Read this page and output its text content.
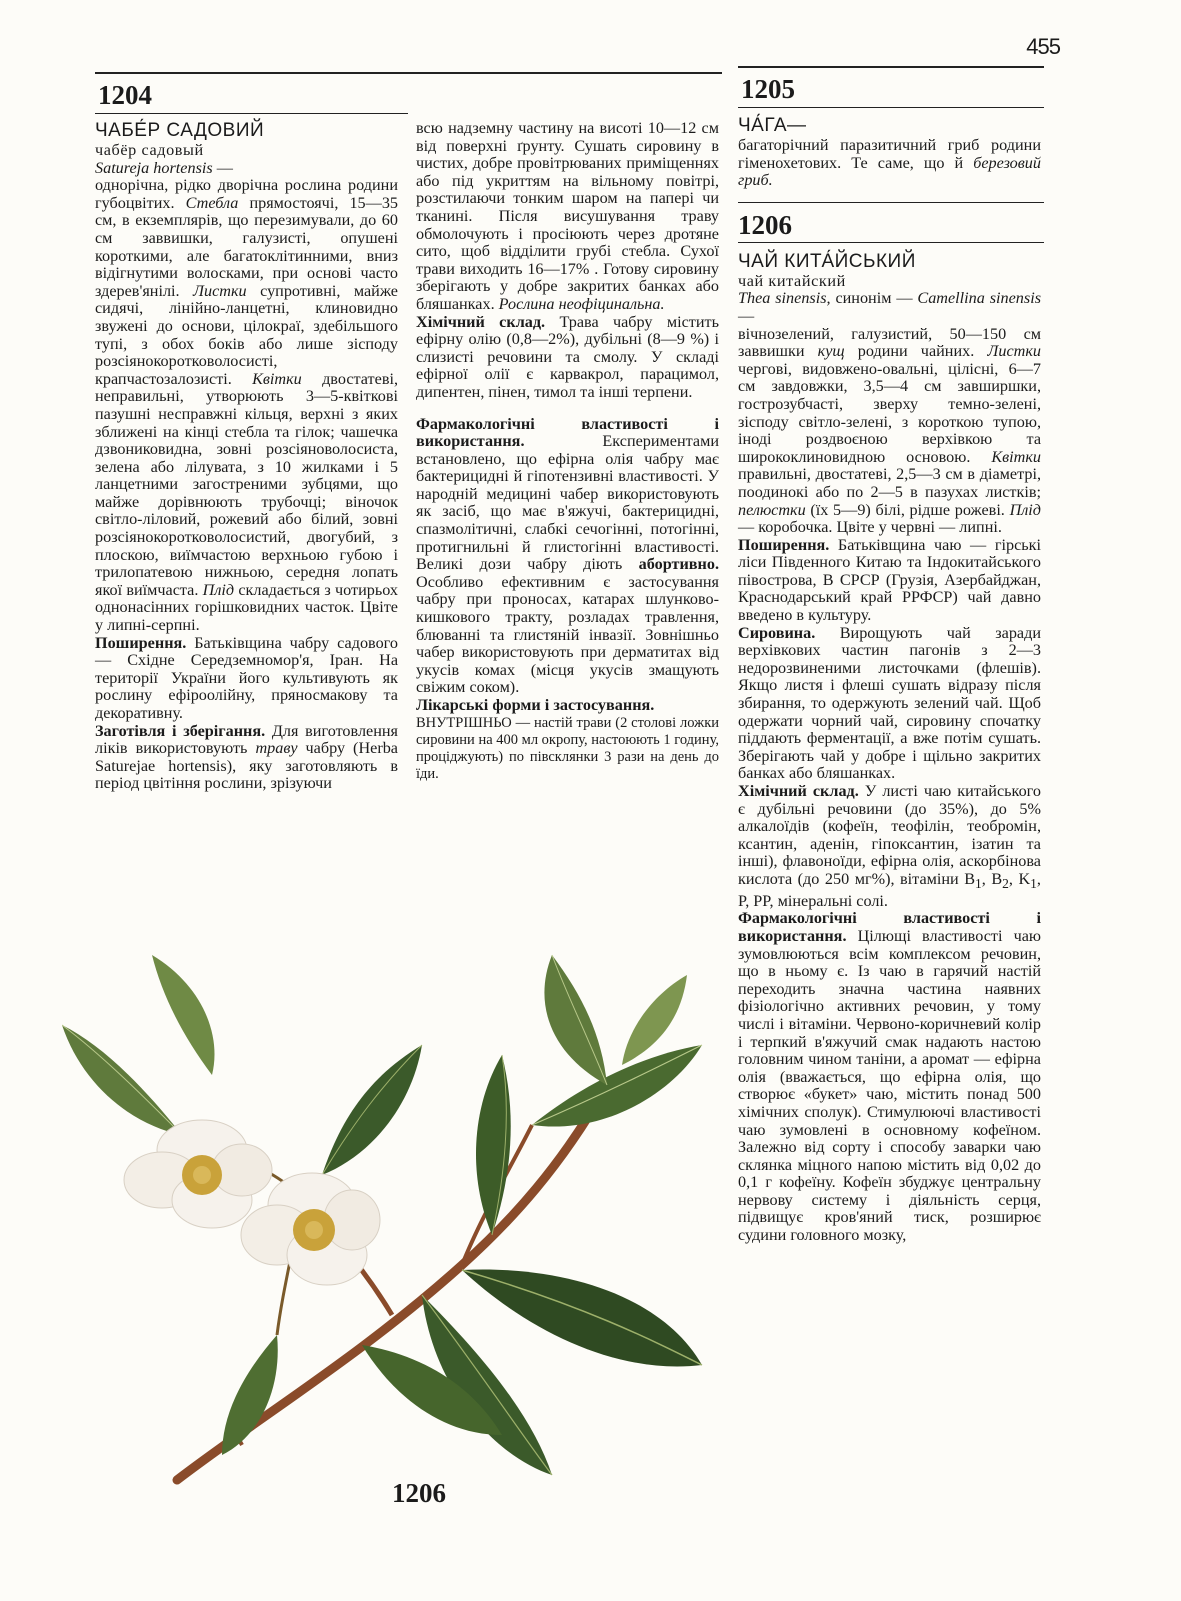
455
1204

ЧАБЕ́Р САДОВИЙ

чабёр садовый

Satureja hortensis —

однорічна, рідко дворічна рослина родини губоцвітих. Стебла прямостоячі, 15—35 см, в екземплярів, що перезимували, до 60 см заввишки, галузисті, опушені короткими, але багатоклітинними, вниз відігнутими волосками, при основі часто здерев'янілі. Листки супротивні, майже сидячі, лінійно-ланцетні, клиновидно звужені до основи, цілокраї, здебільшого тупі, з обох боків або лише зісподу розсіянокоротковолосисті, крапчастозалозисті. Квітки двостатеві, неправильні, утворюють 3—5-квіткові пазушні несправжні кільця, верхні з яких зближені на кінці стебла та гілок; чашечка дзвониковидна, зовні розсіяноволосиста, зелена або лілувата, з 10 жилками і 5 ланцетними загостреними зубцями, що майже дорівнюють трубочці; віночок світло-ліловий, рожевий або білий, зовні розсіянокоротковолосистий, двогубий, з плоскою, виїмчастою верхньою губою і трилопатевою нижньою, середня лопать якої виїмчаста. Плід складається з чотирьох однонасінних горішковидних часток. Цвіте у липні-серпні.

Поширення. Батьківщина чабру садового — Східне Середземномор'я, Іран. На території України його культивують як рослину ефіроолійну, пряносмакову та декоративну.

Заготівля і зберігання. Для виготовлення ліків використовують траву чабру (Herba Saturejae hortensis), яку заготовляють в період цвітіння рослини, зрізуючи

всю надземну частину на висоті 10—12 см від поверхні ґрунту. Сушать сировину в чистих, добре провітрюваних приміщеннях або під укриттям на вільному повітрі, розстилаючи тонким шаром на папері чи тканині. Після висушування траву обмолочують і просіюють через дротяне сито, щоб відділити грубі стебла. Сухої трави виходить 16—17% . Готову сировину зберігають у добре закритих банках або бляшанках. Рослина неофіцинальна.

Хімічний склад. Трава чабру містить ефірну олію (0,8—2%), дубільні (8—9 %) і слизисті речовини та смолу. У складі ефірної олії є карвакрол, парацимол, дипентен, пінен, тимол та інші терпени.

Фармакологічні властивості і використання. Експериментами встановлено, що ефірна олія чабру має бактерицидні й гіпотензивні властивості. У народній медицині чабер використовують як засіб, що має в'яжучі, бактерицидні, спазмолітичні, слабкі сечогінні, потогінні, протигнильні й глистогінні властивості. Великі дози чабру діють абортивно. Особливо ефективним є застосування чабру при проносах, катарах шлунково-кишкового тракту, розладах травлення, блюванні та глистяній інвазії. Зовнішньо чабер використовують при дерматитах від укусів комах (місця укусів змащують свіжим соком).

Лікарські форми і застосування.

ВНУТРІШНЬО — настій трави (2 столові ложки сировини на 400 мл окропу, настоюють 1 годину, проціджують) по півсклянки 3 рази на день до їди.

1205

ЧА́ГА—

багаторічний паразитичний гриб родини гіменохетових. Те саме, що й березовий гриб.

1206

ЧАЙ КИТА́ЙСЬКИЙ

чай китайский

Thea sinensis, синонім — Camellina sinensis —

вічнозелений, галузистий, 50—150 см заввишки кущ родини чайних. Листки чергові, видовжено-овальні, цілісні, 6—7 см завдовжки, 3,5—4 см завширшки, гострозубчасті, зверху темно-зелені, зісподу світло-зелені, з короткою тупою, іноді роздвоєною верхівкою та ширококлиновидною основою. Квітки правильні, двостатеві, 2,5—3 см в діаметрі, поодинокі або по 2—5 в пазухах листків; пелюстки (їх 5—9) білі, рідше рожеві. Плід — коробочка. Цвіте у червні — липні.

Поширення. Батьківщина чаю — гірські ліси Південного Китаю та Індокитайського півострова, В СРСР (Грузія, Азербайджан, Краснодарський край РРФСР) чай давно введено в культуру.

Сировина. Вирощують чай заради верхівкових частин пагонів з 2—3 недорозвиненими листочками (флешів). Якщо листя і флеші сушать відразу після збирання, то одержують зелений чай. Щоб одержати чорний чай, сировину спочатку піддають ферментації, а вже потім сушать. Зберігають чай у добре і щільно закритих банках або бляшанках.

Хімічний склад. У листі чаю китайського є дубільні речовини (до 35%), до 5% алкалоїдів (кофеїн, теофілін, теобромін, ксантин, аденін, гіпоксантин, ізатин та інші), флавоноїди, ефірна олія, аскорбінова кислота (до 250 мг%), вітаміни $B_1$, $B_2$, $K_1$, P, PP, мінеральні солі.

Фармакологічні властивості і використання. Цілющі властивості чаю зумовлюються всім комплексом речовин, що в ньому є. Із чаю в гарячий настій переходить значна частина наявних фізіологічно активних речовин, у тому числі і вітаміни. Червоно-коричневий колір і терпкий в'яжучий смак надають настою головним чином таніни, а аромат — ефірна олія (вважається, що ефірна олія, що створює «букет» чаю, містить понад 500 хімічних сполук). Стимулюючі властивості чаю зумовлені в основному кофеїном. Залежно від сорту і способу заварки чаю склянка міцного напою містить від 0,02 до 0,1 г кофеїну. Кофеїн збуджує центральну нервову систему і діяльність серця, підвищує кров'яний тиск, розширює судини головного мозку,

1206
